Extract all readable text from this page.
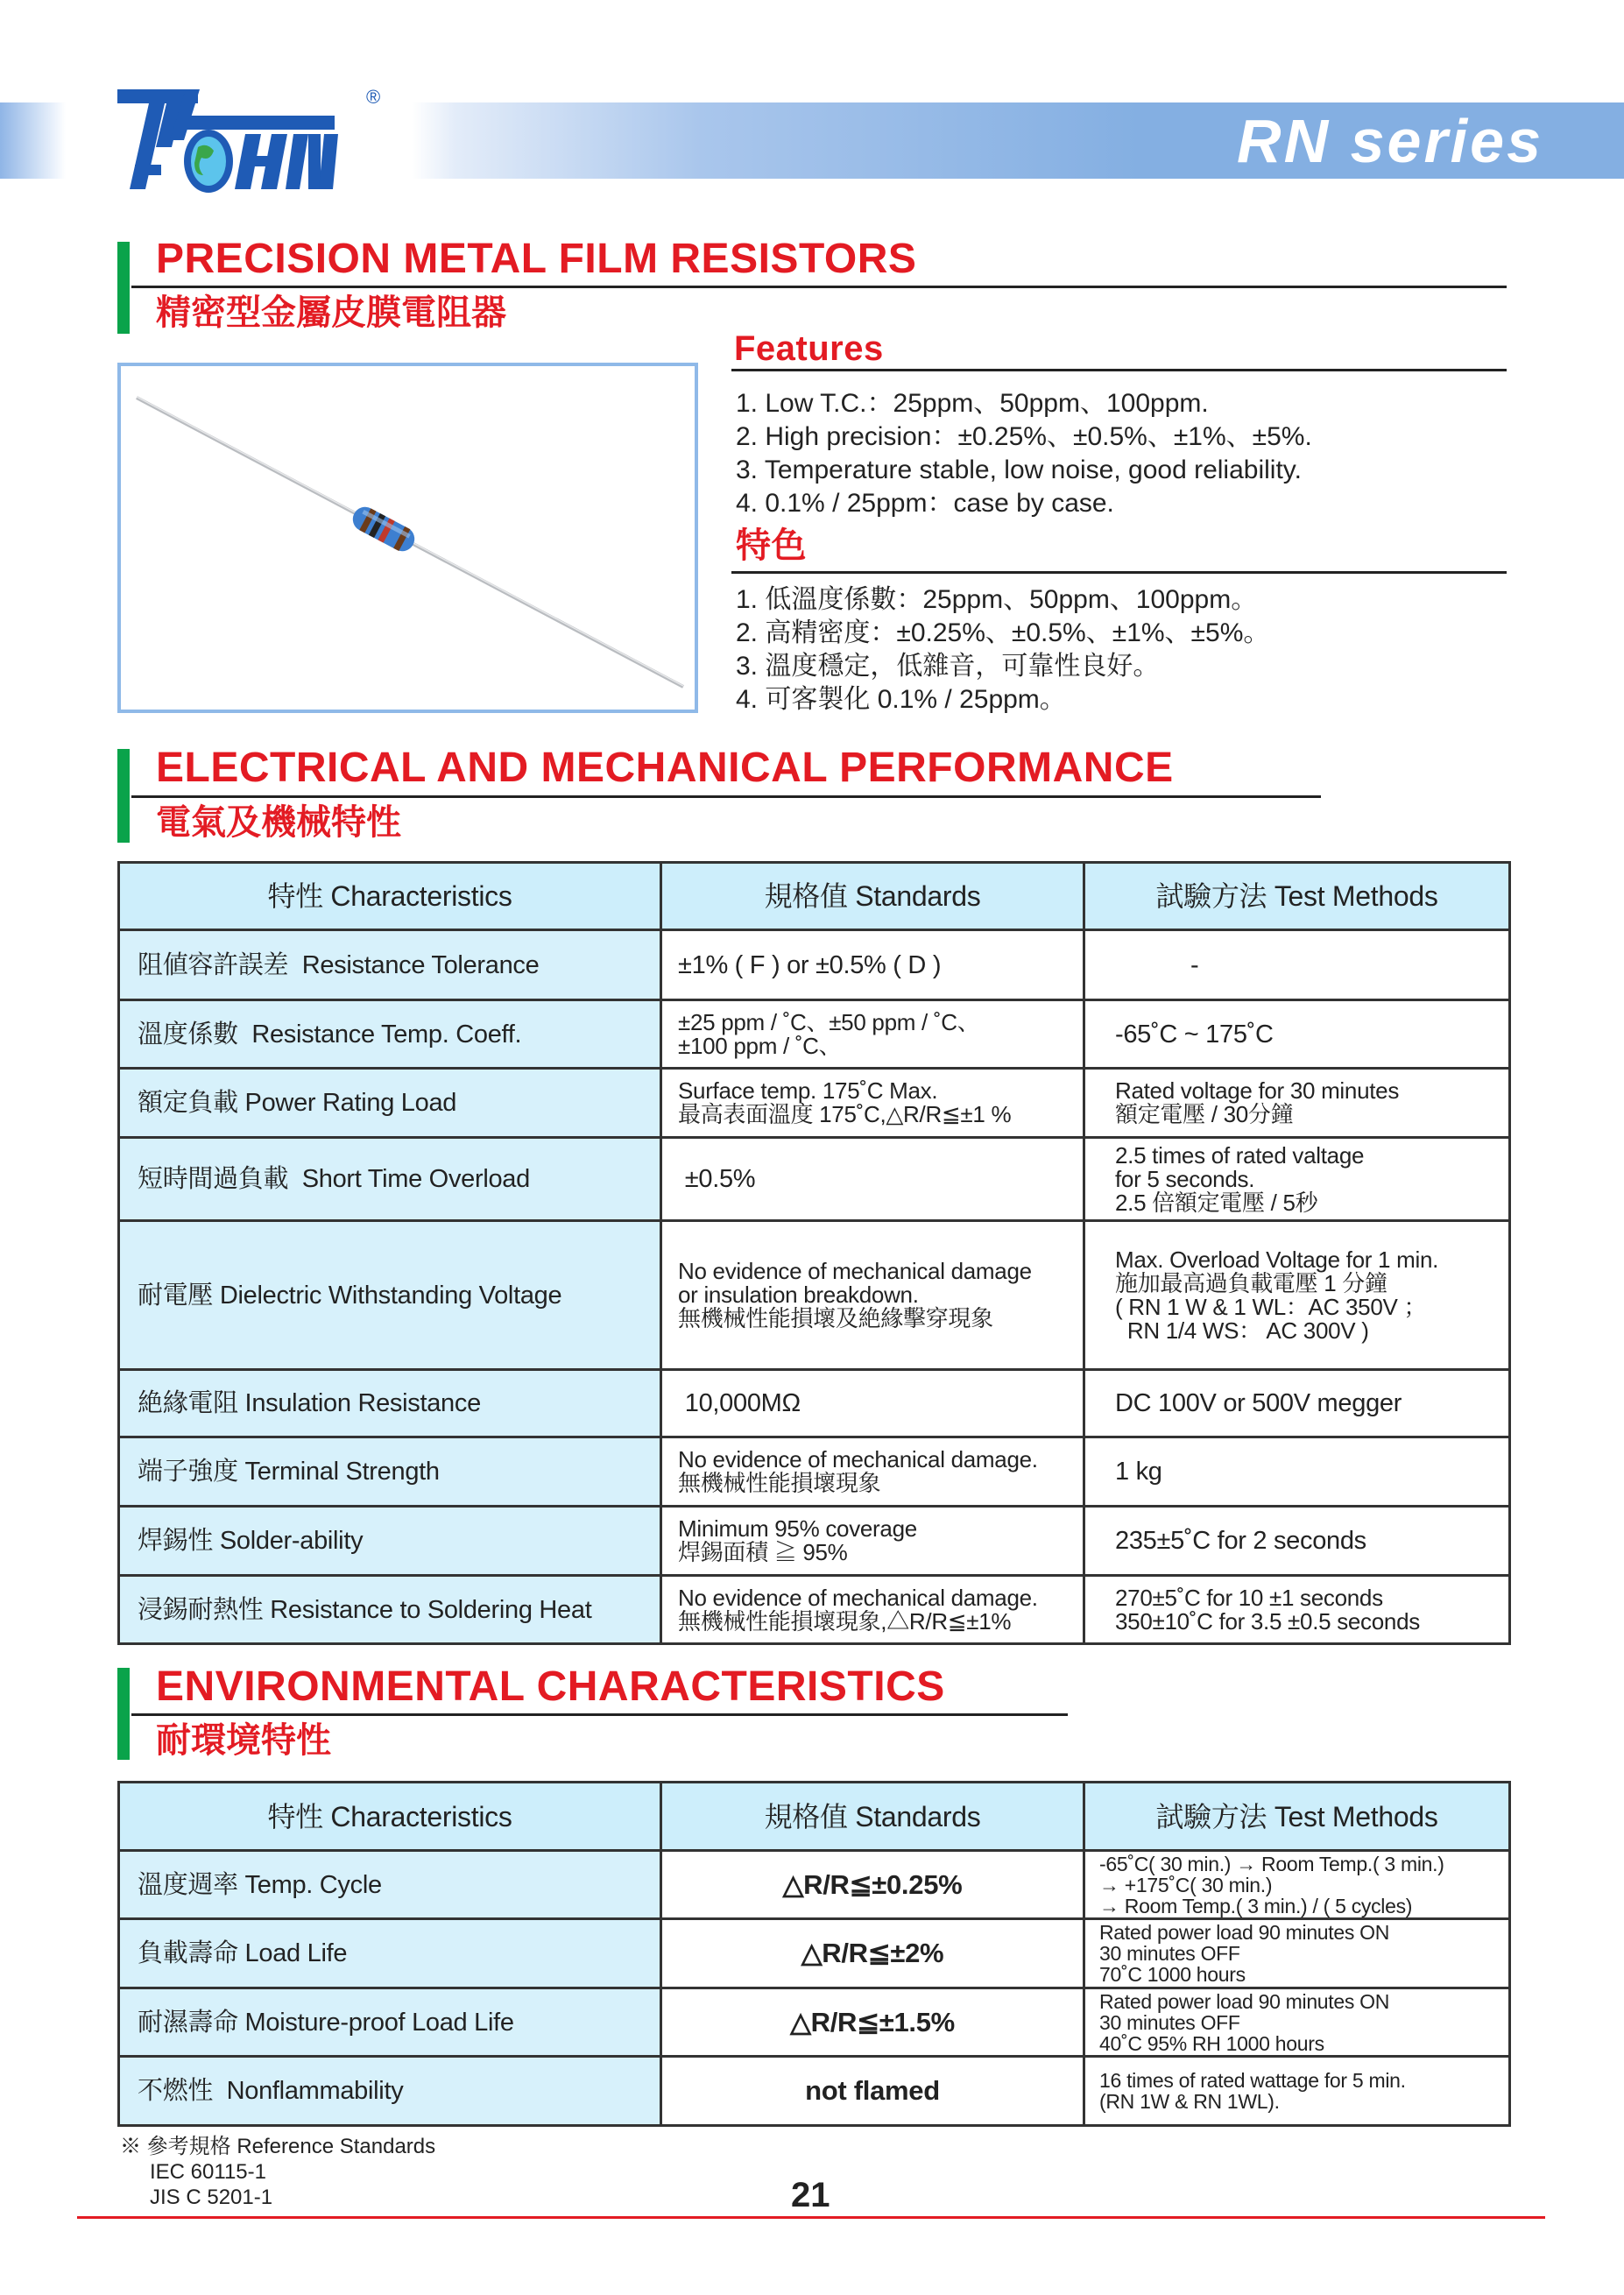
®
RN series
PRECISION METAL FILM RESISTORS
精密型金屬皮膜電阻器
Features
1. Low T.C.：25ppm、50ppm、100ppm.
2. High precision：±0.25%、±0.5%、±1%、±5%.
3. Temperature stable, low noise, good reliability.
4. 0.1% / 25ppm：case by case.
特色
1. 低溫度係數：25ppm、50ppm、100ppm。
2. 高精密度：±0.25%、±0.5%、±1%、±5%。
3. 溫度穩定，低雜音，可靠性良好。
4. 可客製化 0.1% / 25ppm。
ELECTRICAL AND MECHANICAL PERFORMANCE
電氣及機械特性
特性 Characteristics	規格值 Standards	試驗方法 Test Methods

阻値容許誤差  Resistance Tolerance	±1% ( F ) or ±0.5% ( D )	-

溫度係數  Resistance Temp. Coeff.	±25 ppm / ˚C、±50 ppm / ˚C、
±100 ppm / ˚C、	-65˚C ~ 175˚C

額定負載 Power Rating Load	Surface temp. 175˚C Max.
最高表面溫度 175˚C,△R/R≦±1 %	Rated voltage for 30 minutes
額定電壓 / 30分鐘

短時間過負載  Short Time Overload	±0.5%	2.5 times of rated valtage
for 5 seconds.
2.5 倍額定電壓 / 5秒

耐電壓 Dielectric Withstanding Voltage	No evidence of mechanical damage
or insulation breakdown.
無機械性能損壞及絶緣擊穿現象	Max. Overload Voltage for 1 min.
施加最高過負載電壓 1 分鐘
( RN 1 W & 1 WL：AC 350V ；
RN 1/4 WS： AC 300V )

絶緣電阻 Insulation Resistance	10,000MΩ	DC 100V or 500V megger

端子強度 Terminal Strength	No evidence of mechanical damage.
無機械性能損壞現象	1 kg

焊錫性 Solder-ability	Minimum 95% coverage
焊錫面積 ≧ 95%	235±5˚C for 2 seconds

浸錫耐熱性 Resistance to Soldering Heat	No evidence of mechanical damage.
無機械性能損壞現象,△R/R≦±1%	270±5˚C for 10 ±1 seconds
350±10˚C for 3.5 ±0.5 seconds
ENVIRONMENTAL CHARACTERISTICS
耐環境特性
特性 Characteristics	規格值 Standards	試驗方法 Test Methods

溫度週率 Temp. Cycle	△R/R≦±0.25%	-65˚C( 30 min.) → Room Temp.( 3 min.)
→ +175˚C( 30 min.)
→ Room Temp.( 3 min.) / ( 5 cycles)

負載壽命 Load Life	△R/R≦±2%	Rated power load 90 minutes ON
30 minutes OFF
70˚C 1000 hours

耐濕壽命 Moisture-proof Load Life	△R/R≦±1.5%	Rated power load 90 minutes ON
30 minutes OFF
40˚C 95% RH 1000 hours

不燃性  Nonflammability	not flamed	16 times of rated wattage for 5 min.
(RN 1W & RN 1WL).
※ 參考規格 Reference Standards
IEC 60115-1
JIS C 5201-1	21
